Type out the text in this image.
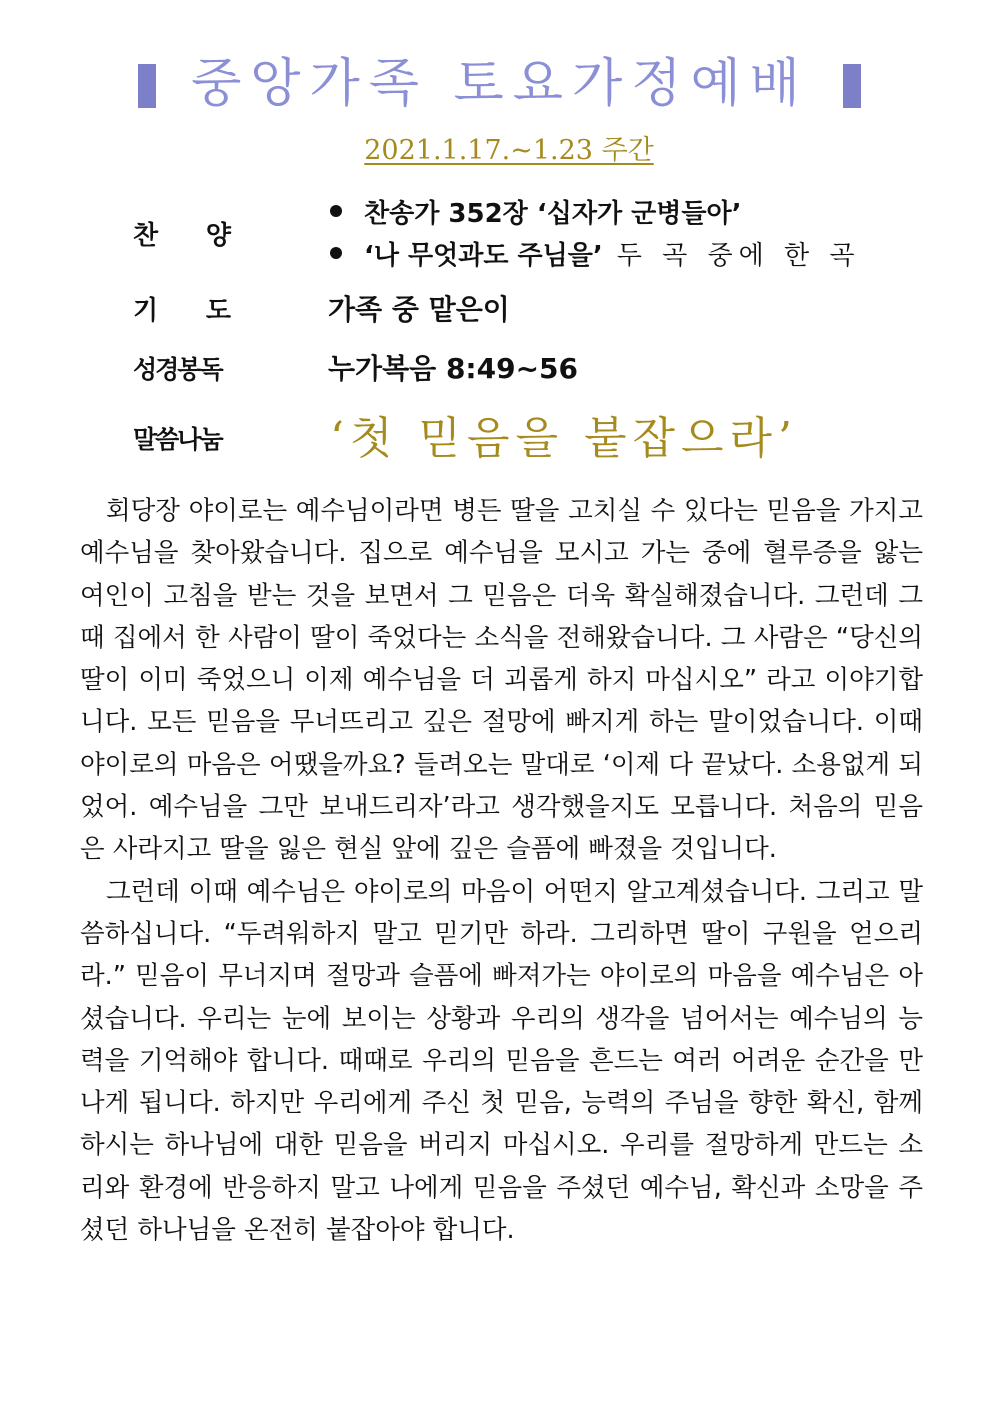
중앙가족 토요가정예배
2021.1.17.~1.23 주간
찬 양
찬송가 352장 ‘십자가 군병들아’
‘나 무엇과도 주님을’ 두 곡 중에 한 곡
기 도	가족 중 맡은이
성경봉독	누가복음 8:49~56
말씀나눔 ‘첫 믿음을 붙잡으라’

회당장 야이로는 예수님이라면 병든 딸을 고치실 수 있다는 믿음을 가지고 예수님을 찾아왔습니다. 집으로 예수님을 모시고 가는 중에 혈루증을 앓는 여인이 고침을 받는 것을 보면서 그 믿음은 더욱 확실해졌습니다. 그런데 그때 집에서 한 사람이 딸이 죽었다는 소식을 전해왔습니다. 그 사람은 “당신의 딸이 이미 죽었으니 이제 예수님을 더 괴롭게 하지 마십시오” 라고 이야기합니다. 모든 믿음을 무너뜨리고 깊은 절망에 빠지게 하는 말이었습니다. 이때 야이로의 마음은 어땠을까요? 들려오는 말대로 ‘이제 다 끝났다. 소용없게 되었어. 예수님을 그만 보내드리자’라고 생각했을지도 모릅니다. 처음의 믿음은 사라지고 딸을 잃은 현실 앞에 깊은 슬픔에 빠졌을 것입니다.

그런데 이때 예수님은 야이로의 마음이 어떤지 알고계셨습니다. 그리고 말씀하십니다. “두려워하지 말고 믿기만 하라. 그리하면 딸이 구원을 얻으리라.” 믿음이 무너지며 절망과 슬픔에 빠져가는 야이로의 마음을 예수님은 아셨습니다. 우리는 눈에 보이는 상황과 우리의 생각을 넘어서는 예수님의 능력을 기억해야 합니다. 때때로 우리의 믿음을 흔드는 여러 어려운 순간을 만나게 됩니다. 하지만 우리에게 주신 첫 믿음, 능력의 주님을 향한 확신, 함께 하시는 하나님에 대한 믿음을 버리지 마십시오. 우리를 절망하게 만드는 소리와 환경에 반응하지 말고 나에게 믿음을 주셨던 예수님, 확신과 소망을 주셨던 하나님을 온전히 붙잡아야 합니다.
